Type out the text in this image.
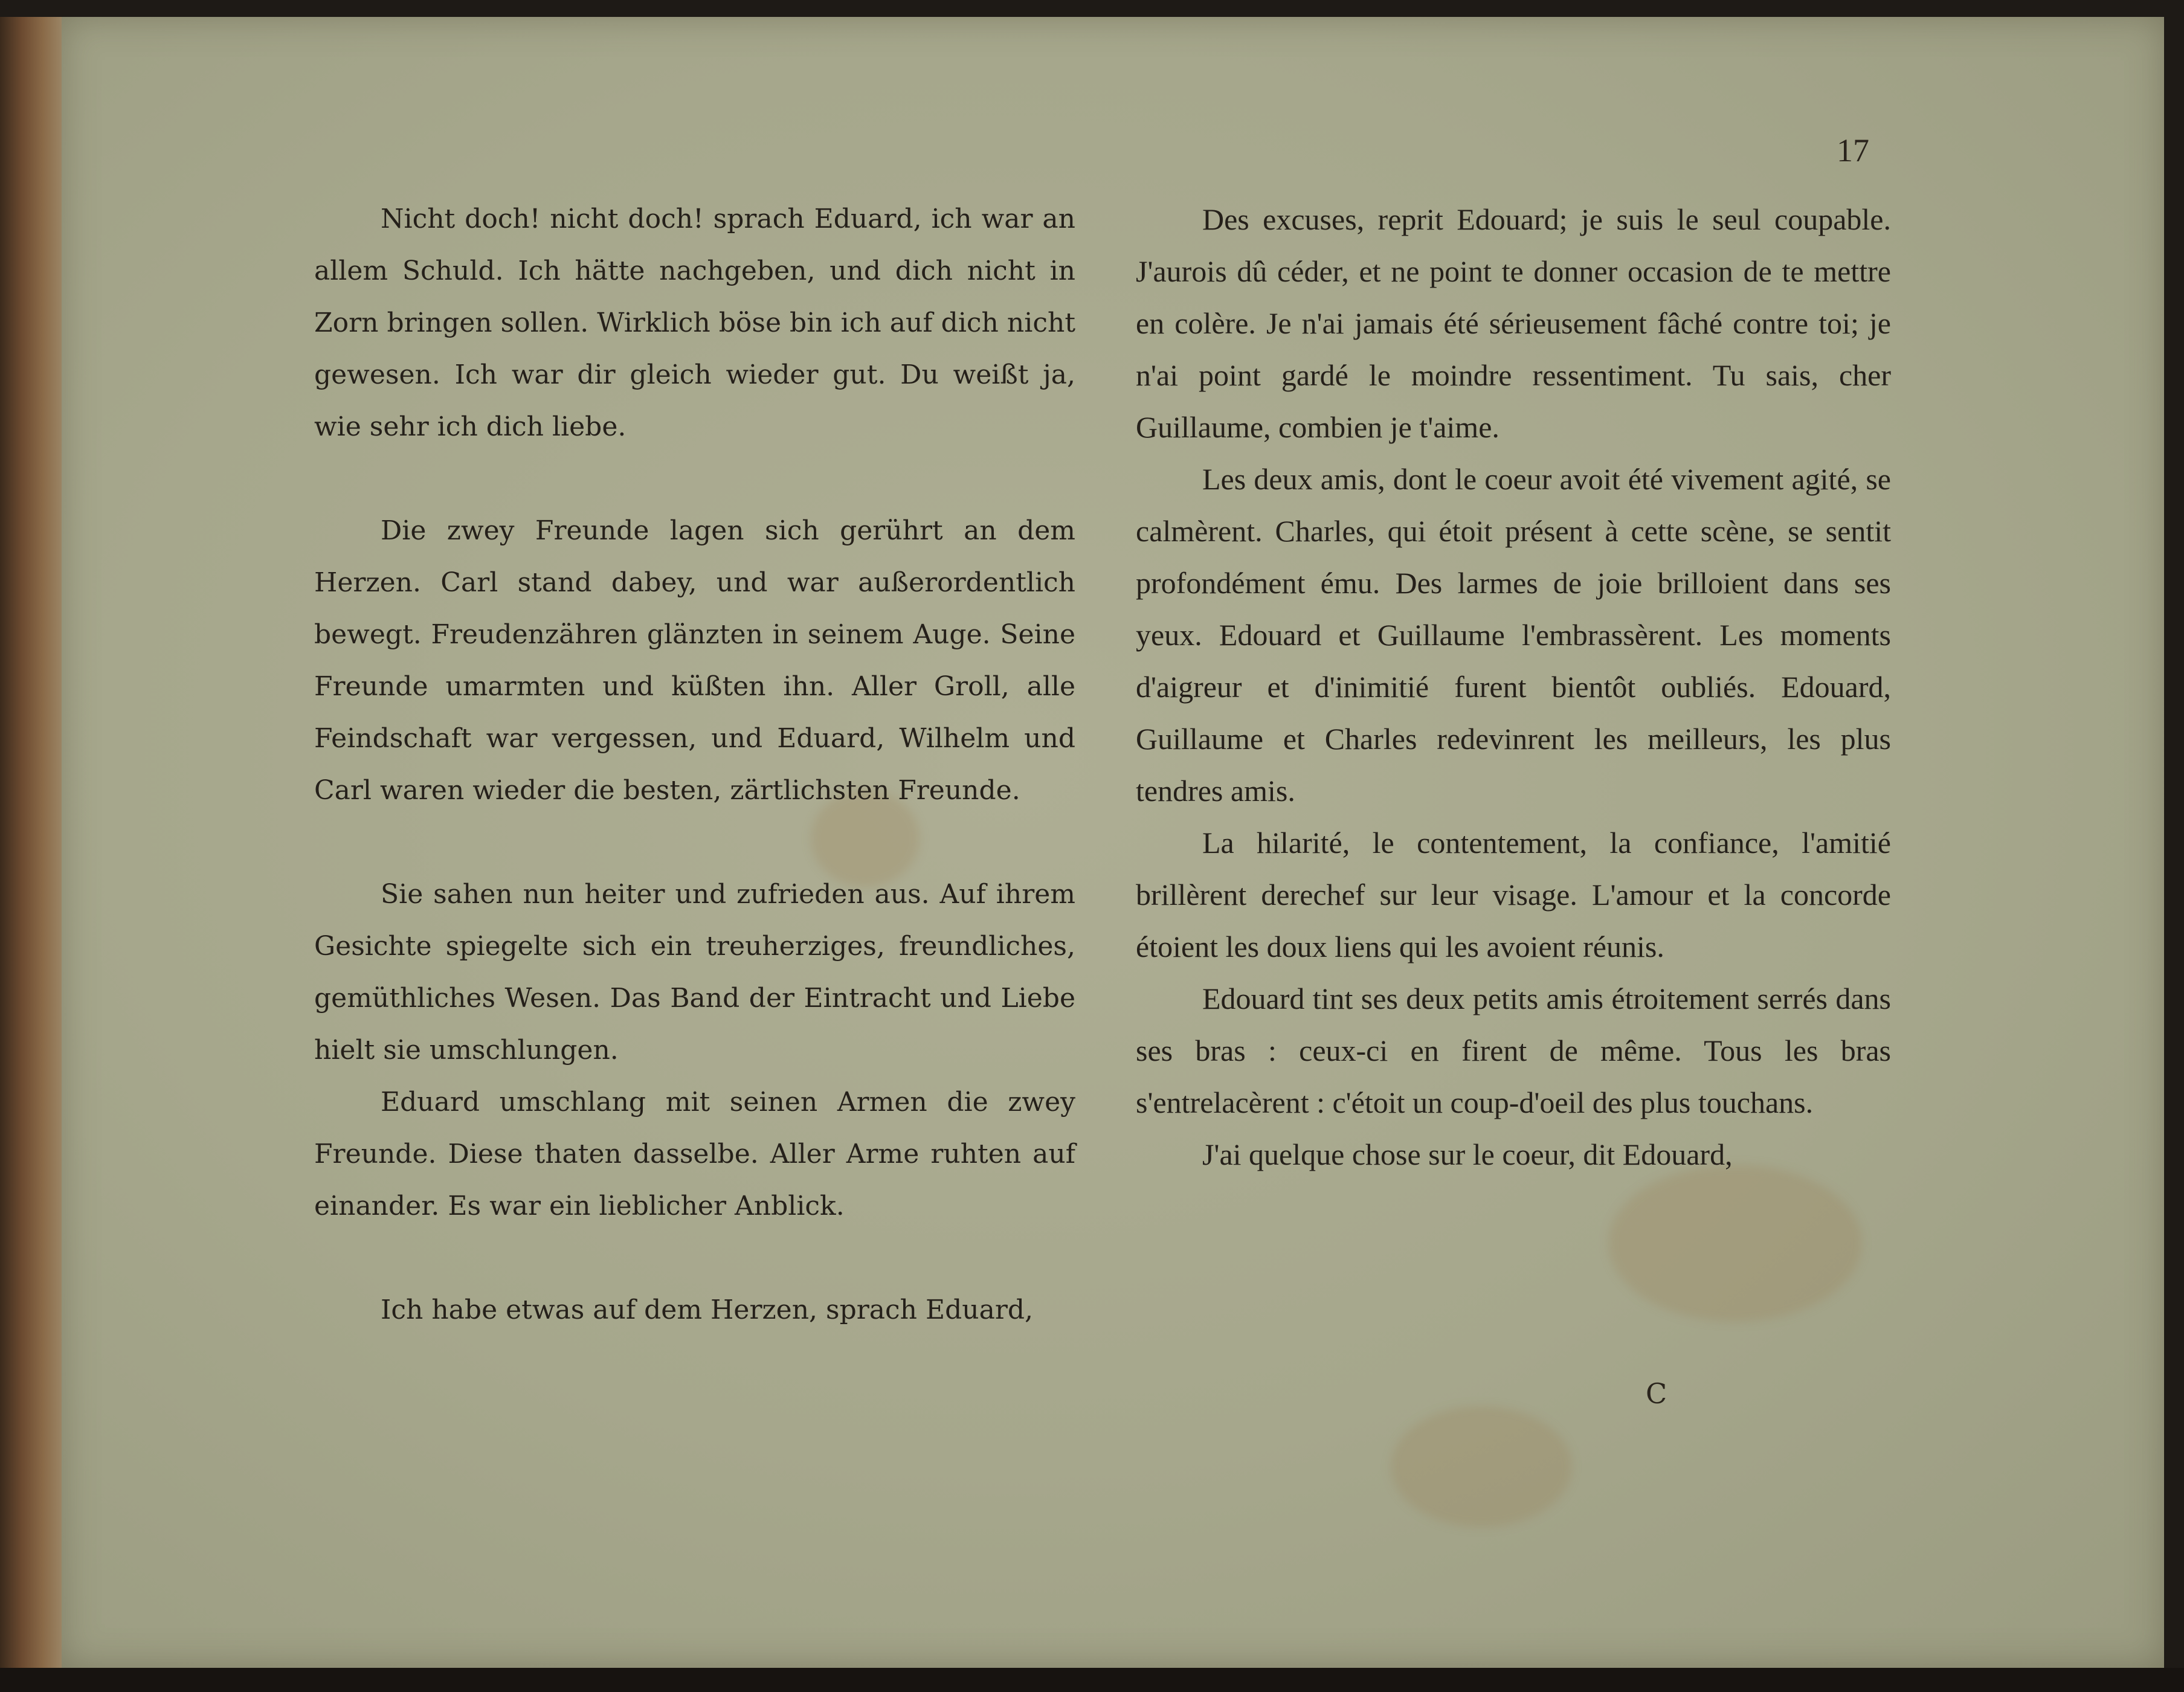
17

Nicht doch! nicht doch! sprach Eduard, ich war an allem Schuld. Ich hätte nachgeben, und dich nicht in Zorn bringen sollen. Wirklich böse bin ich auf dich nicht gewesen. Ich war dir gleich wieder gut. Du weißt ja, wie sehr ich dich liebe.

Die zwey Freunde lagen sich gerührt an dem Herzen. Carl stand dabey, und war außerordentlich bewegt. Freudenzähren glänzten in seinem Auge. Seine Freunde umarmten und küßten ihn. Aller Groll, alle Feindschaft war vergessen, und Eduard, Wilhelm und Carl waren wieder die besten, zärtlichsten Freunde.

Sie sahen nun heiter und zufrieden aus. Auf ihrem Gesichte spiegelte sich ein treuherziges, freundliches, gemüthliches Wesen. Das Band der Eintracht und Liebe hielt sie umschlungen.

Eduard umschlang mit seinen Armen die zwey Freunde. Diese thaten dasselbe. Aller Arme ruhten auf einander. Es war ein lieblicher Anblick.

Ich habe etwas auf dem Herzen, sprach Eduard,

Des excuses, reprit Edouard; je suis le seul coupable. J'aurois dû céder, et ne point te donner occasion de te mettre en colère. Je n'ai jamais été sérieusement fâché contre toi; je n'ai point gardé le moindre ressentiment. Tu sais, cher Guillaume, combien je t'aime.

Les deux amis, dont le coeur avoit été vivement agité, se calmèrent. Charles, qui étoit présent à cette scène, se sentit profondément ému. Des larmes de joie brilloient dans ses yeux. Edouard et Guillaume l'embrassèrent. Les moments d'aigreur et d'inimitié furent bientôt oubliés. Edouard, Guillaume et Charles redevinrent les meilleurs, les plus tendres amis.

La hilarité, le contentement, la confiance, l'amitié brillèrent derechef sur leur visage. L'amour et la concorde étoient les doux liens qui les avoient réunis.

Edouard tint ses deux petits amis étroitement serrés dans ses bras : ceux-ci en firent de même. Tous les bras s'entrelacèrent : c'étoit un coup-d'oeil des plus touchans.

J'ai quelque chose sur le coeur, dit Edouard,

C
